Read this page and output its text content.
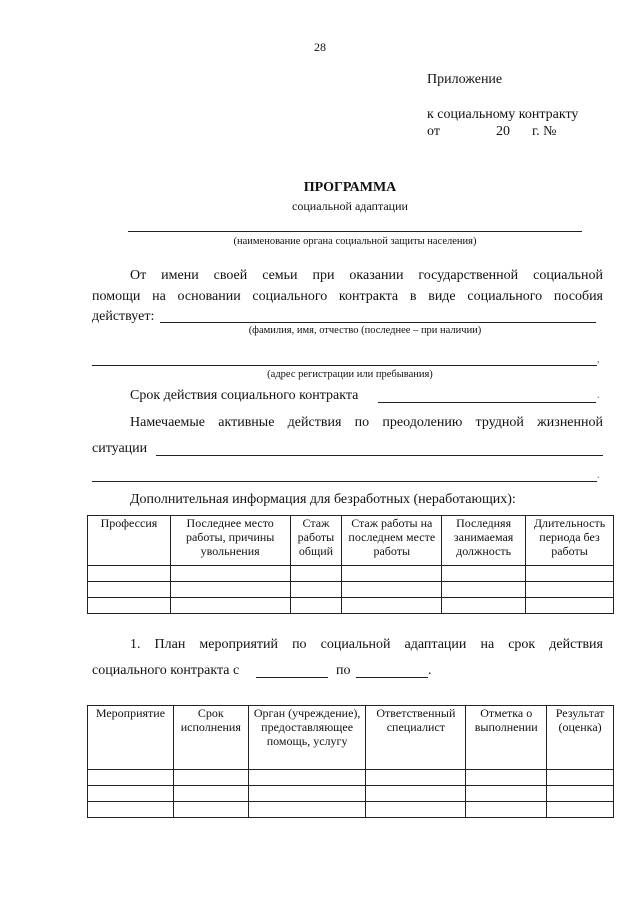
28
Приложение
к социальному контракту
от	20 г. №
ПРОГРАММА
социальной адаптации
(наименование органа социальной защиты населения)
От имени своей семьи при оказании государственной социальной
помощи на основании социального контракта в виде социального пособия
действует:
(фамилия, имя, отчество (последнее – при наличии)
,
(адрес регистрации или пребывания)
Срок действия социального контракта	.
Намечаемые активные действия по преодолению трудной жизненной
ситуации
.
Дополнительная информация для безработных (неработающих):
Профессия	Последнее место работы, причины увольнения	Стаж работы общий	Стаж работы на последнем месте работы	Последняя занимаемая должность	Длительность периода без работы

1. План мероприятий по социальной адаптации на срок действия
социального контракта с	по	.
Мероприятие	Срок исполнения	Орган (учреждение), предоставляющее помощь, услугу	Ответственный специалист	Отметка о выполнении	Результат (оценка)
